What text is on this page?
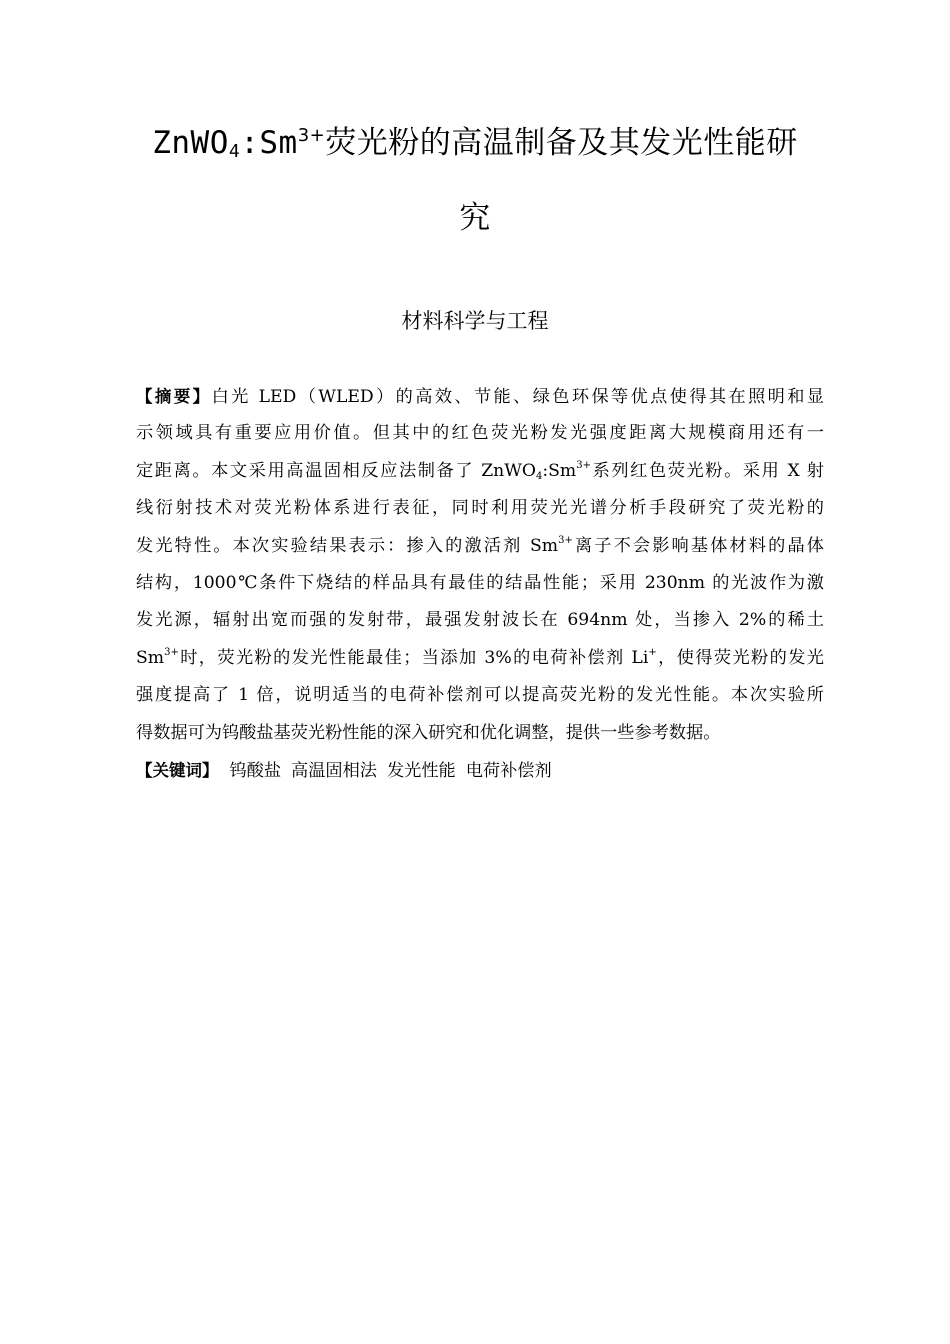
$ZnWO_4:Sm^{3+}$荧光粉的高温制备及其发光性能研
究
材料科学与工程
【摘要】白光 LED（WLED）的高效、节能、绿色环保等优点使得其在照明和显
示领域具有重要应用价值。但其中的红色荧光粉发光强度距离大规模商用还有一
定距离。本文采用高温固相反应法制备了 $ZnWO_4:Sm^{3+}$系列红色荧光粉。采用 X 射
线衍射技术对荧光粉体系进行表征，同时利用荧光光谱分析手段研究了荧光粉的
发光特性。本次实验结果表示：掺入的激活剂 $Sm^{3+}$离子不会影响基体材料的晶体
结构，1000℃条件下烧结的样品具有最佳的结晶性能；采用 230nm 的光波作为激
发光源，辐射出宽而强的发射带，最强发射波长在 694nm 处，当掺入 2%的稀土
$Sm^{3+}$时，荧光粉的发光性能最佳；当添加 3%的电荷补偿剂 Li+，使得荧光粉的发光
强度提高了 1 倍，说明适当的电荷补偿剂可以提高荧光粉的发光性能。本次实验所
得数据可为钨酸盐基荧光粉性能的深入研究和优化调整，提供一些参考数据。
【关键词】 钨酸盐 高温固相法 发光性能 电荷补偿剂
